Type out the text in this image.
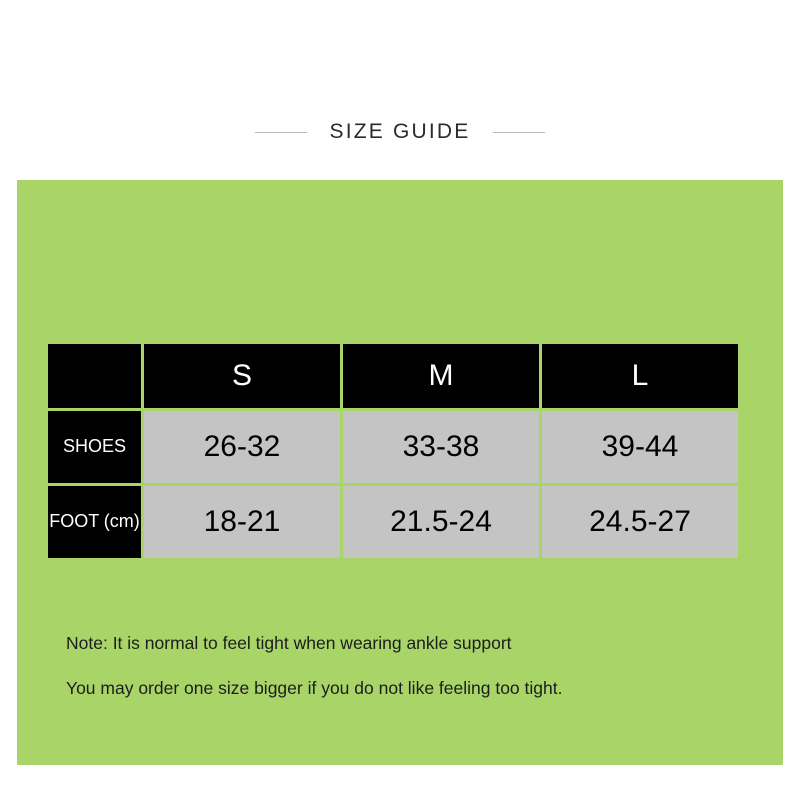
SIZE GUIDE
	S	M	L
SHOES	26-32	33-38	39-44
FOOT (cm)	18-21	21.5-24	24.5-27
Note: It is normal to feel tight when wearing ankle support
You may order one size bigger if you do not like feeling too tight.
